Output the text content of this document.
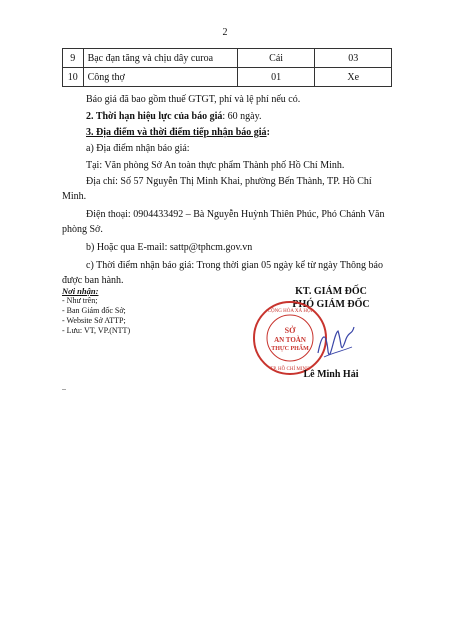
2
9	Bạc đạn tăng và chịu dây curoa	Cái	03
10	Công thợ	01	Xe
Báo giá đã bao gồm thuế GTGT, phí và lệ phí nếu có.
2. Thời hạn hiệu lực của báo giá: 60 ngày.
3. Địa điểm và thời điểm tiếp nhận báo giá:
a) Địa điểm nhận báo giá:
Tại: Văn phòng Sở An toàn thực phẩm Thành phố Hồ Chí Minh.
Địa chỉ: Số 57 Nguyễn Thị Minh Khai, phường Bến Thành, TP. Hồ Chí
Minh.
Điện thoại: 0904433492 – Bà Nguyễn Huỳnh Thiên Phúc, Phó Chánh Văn
phòng Sở.
b) Hoặc qua E-mail: sattp@tphcm.gov.vn
c) Thời điểm nhận báo giá: Trong thời gian 05 ngày kể từ ngày Thông báo
được ban hành.
Nơi nhận:
- Như trên;
- Ban Giám đốc Sở;
- Website Sở ATTP;
- Lưu: VT, VP.(NTT)
KT. GIÁM ĐỐC
PHÓ GIÁM ĐỐC
CỘNG HÒA XÃ HỘI
TP. HỒ CHÍ MINH
SỞ
AN TOÀN
THỰC PHẨM
Lê Minh Hải
..
